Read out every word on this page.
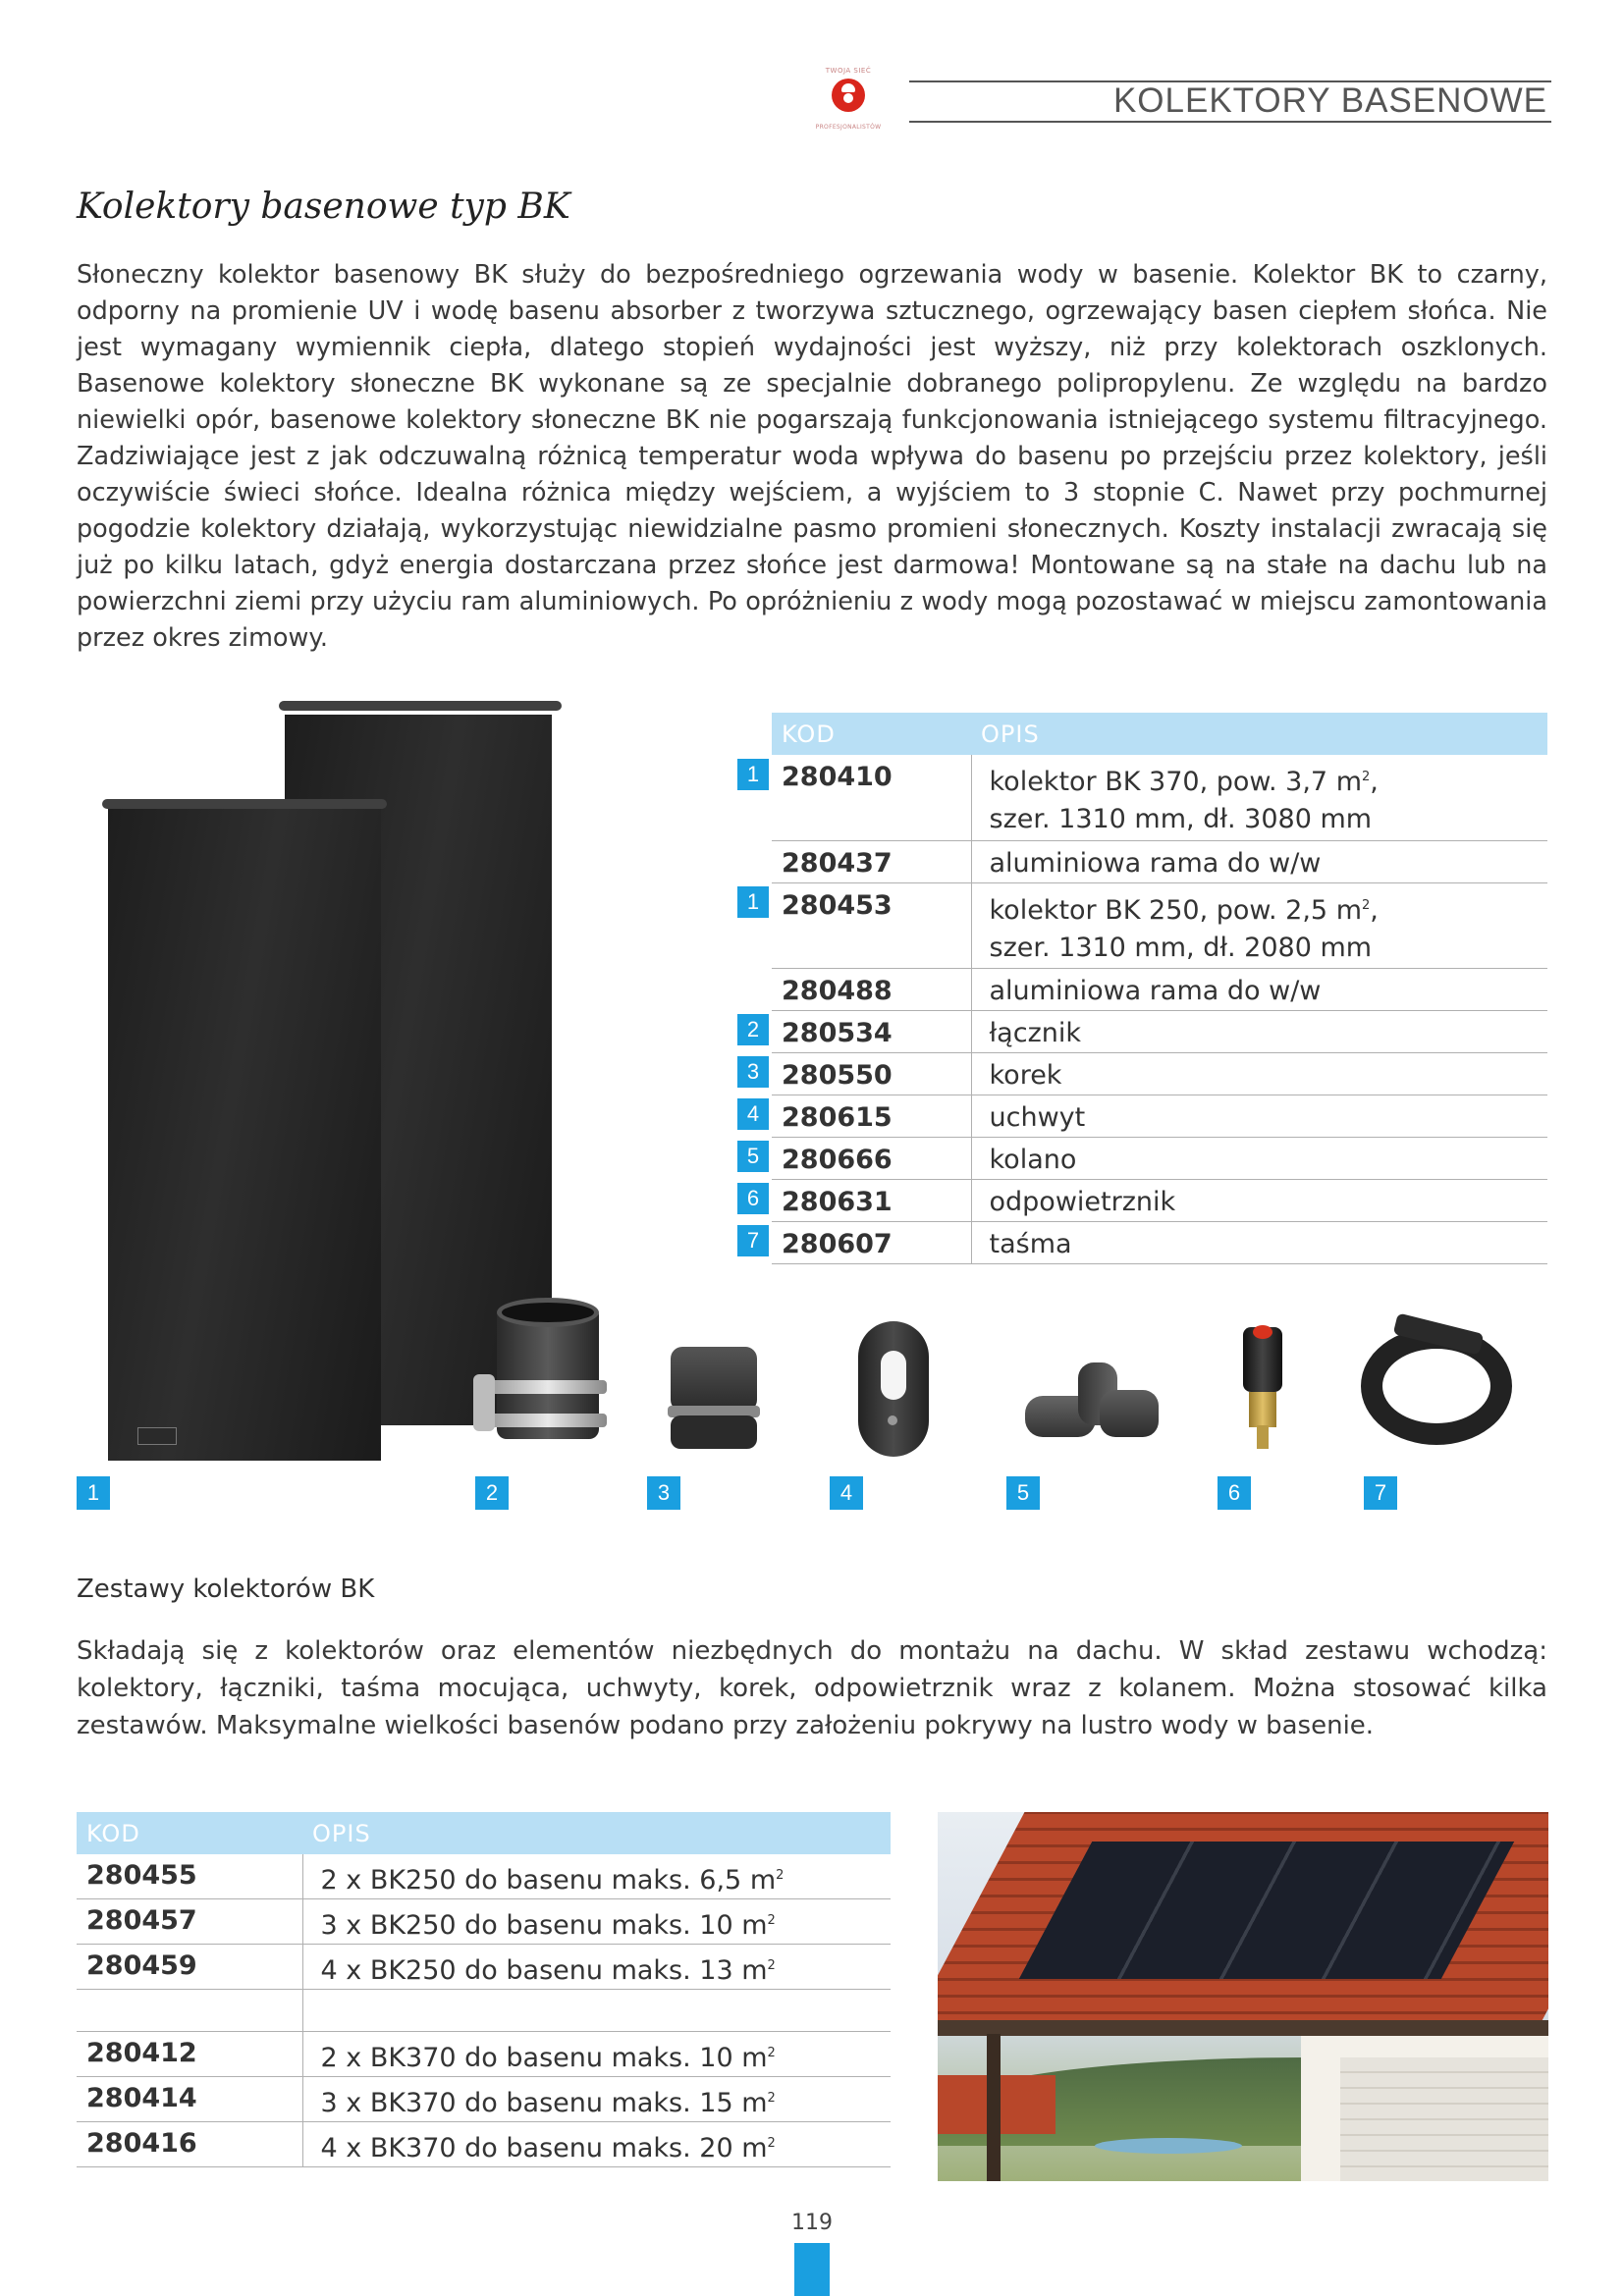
TWOJA SIEĆ
PROFESJONALISTÓW
KOLEKTORY BASENOWE
Kolektory basenowe typ BK

Słoneczny kolektor basenowy BK służy do bezpośredniego ogrzewania wody w basenie. Kolektor BK to czarny, odporny na promienie UV i wodę basenu absorber z tworzywa sztucznego, ogrzewający basen ciepłem słońca. Nie jest wymagany wymiennik ciepła, dlatego stopień wydajności jest wyższy, niż przy kolektorach oszklonych. Basenowe kolektory słoneczne BK wykonane są ze specjalnie dobranego polipropylenu. Ze względu na bardzo niewielki opór, basenowe kolektory słoneczne BK nie pogarszają funkcjonowania istniejącego systemu filtracyjnego. Zadziwiające jest z jak odczuwalną różnicą temperatur woda wpływa do basenu po przejściu przez kolektory, jeśli oczywiście świeci słońce. Idealna różnica między wejściem, a wyjściem to 3 stopnie C. Nawet przy pochmurnej pogodzie kolektory działają, wykorzystując niewidzialne pasmo promieni słonecznych. Koszty instalacji zwracają się już po kilku latach, gdyż energia dostarczana przez słońce jest darmowa! Montowane są na stałe na dachu lub na powierzchni ziemi przy użyciu ram aluminiowych. Po opróżnieniu z wody mogą pozostawać w miejscu zamontowania przez okres zimowy.

KOD	OPIS
280410	kolektor BK 370, pow. 3,7 $m^2$,
szer. 1310 mm, dł. 3080 mm
280437	aluminiowa rama do w/w
280453	kolektor BK 250, pow. 2,5 $m^2$,
szer. 1310 mm, dł. 2080 mm
280488	aluminiowa rama do w/w
280534	łącznik
280550	korek
280615	uchwyt
280666	kolano
280631	odpowietrznik
280607	taśma
1
1
2
3
4
5
6
7
1	2	3	4	5	6	7
Zestawy kolektorów BK

Składają się z kolektorów oraz elementów niezbędnych do montażu na dachu. W skład zestawu wchodzą: kolektory, łączniki, taśma mocująca, uchwyty, korek, odpowietrznik wraz z kolanem. Można stosować kilka zestawów. Maksymalne wielkości basenów podano przy założeniu pokrywy na lustro wody w basenie.

KOD	OPIS
280455	2 x BK250 do basenu maks. 6,5 $m^2$
280457	3 x BK250 do basenu maks. 10 $m^2$
280459	4 x BK250 do basenu maks. 13 $m^2$

280412	2 x BK370 do basenu maks. 10 $m^2$
280414	3 x BK370 do basenu maks. 15 $m^2$
280416	4 x BK370 do basenu maks. 20 $m^2$
119
